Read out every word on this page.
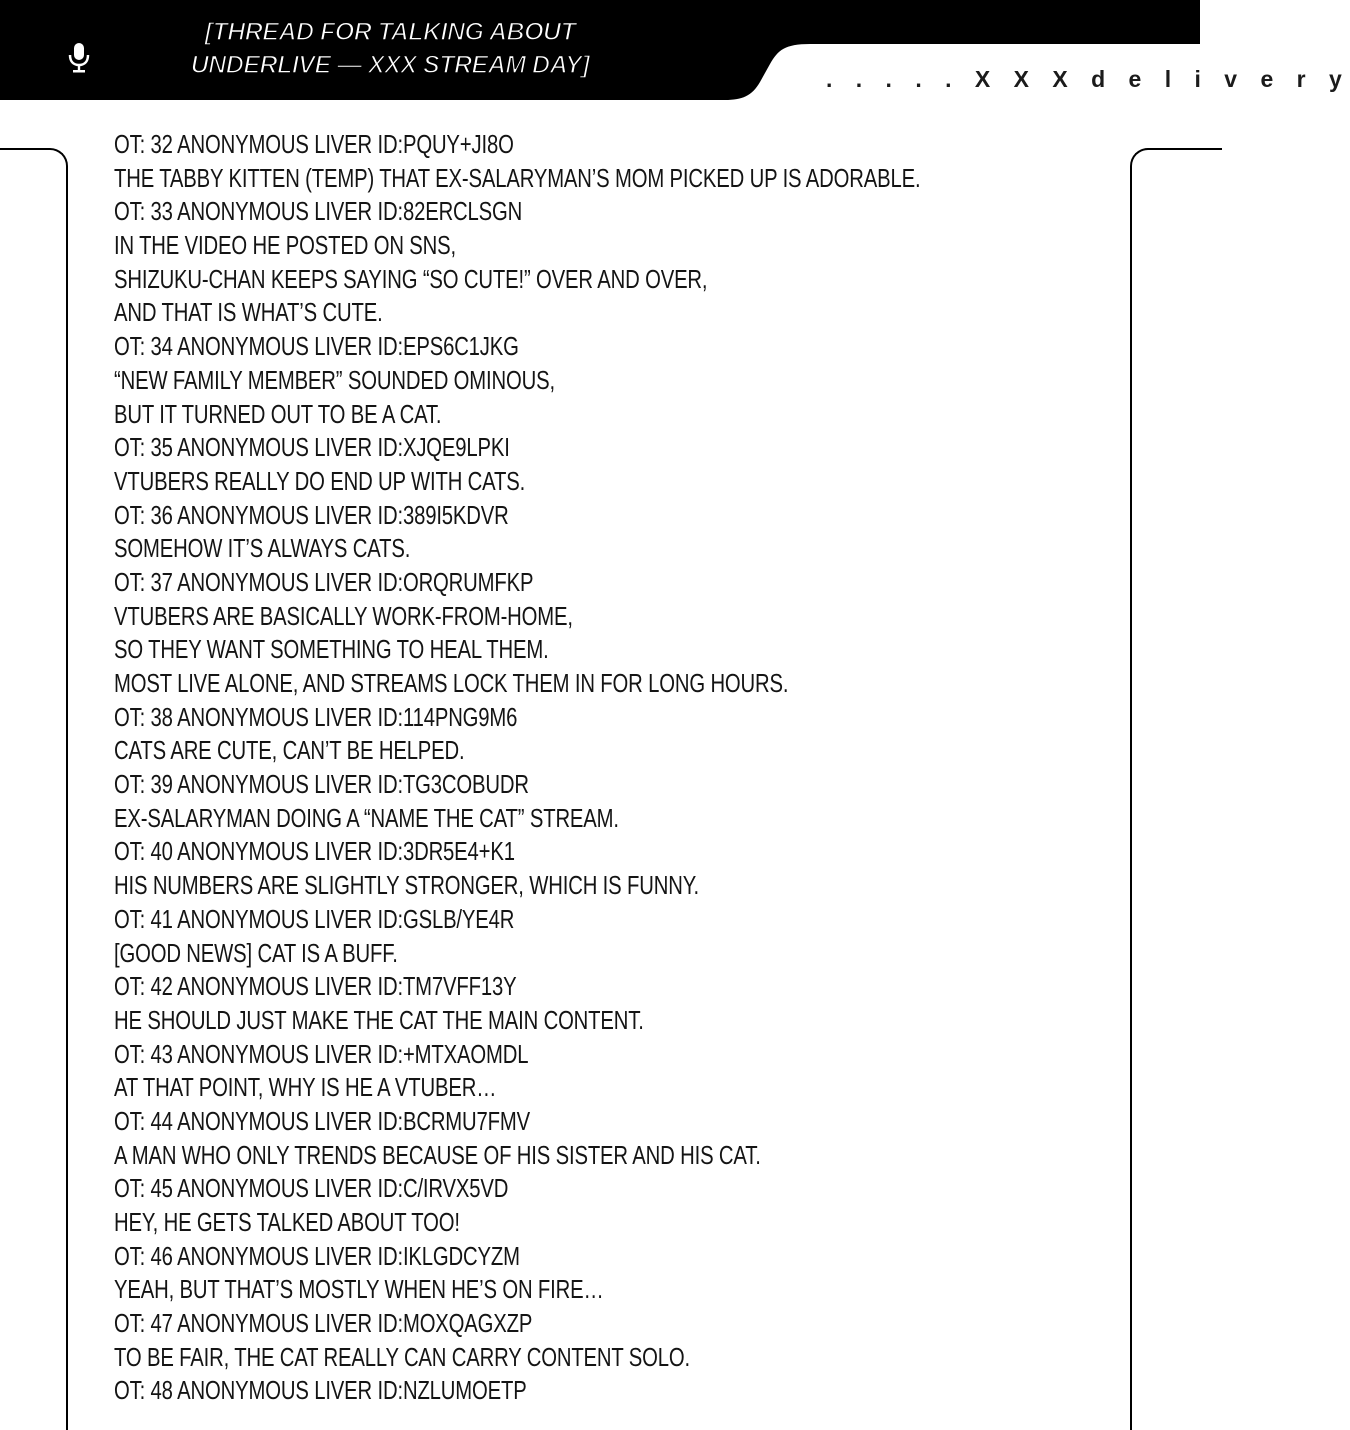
[THREAD FOR TALKING ABOUT
UNDERLIVE — XXX STREAM DAY]	. . . . . X X X d e l i v e r y
OT: 32 ANONYMOUS LIVER ID:PQUY+JI8O
THE TABBY KITTEN (TEMP) THAT EX-SALARYMAN’S MOM PICKED UP IS ADORABLE.
OT: 33 ANONYMOUS LIVER ID:82ERCLSGN
IN THE VIDEO HE POSTED ON SNS,
SHIZUKU-CHAN KEEPS SAYING “SO CUTE!” OVER AND OVER,
AND THAT IS WHAT’S CUTE.
OT: 34 ANONYMOUS LIVER ID:EPS6C1JKG
“NEW FAMILY MEMBER” SOUNDED OMINOUS,
BUT IT TURNED OUT TO BE A CAT.
OT: 35 ANONYMOUS LIVER ID:XJQE9LPKI
VTUBERS REALLY DO END UP WITH CATS.
OT: 36 ANONYMOUS LIVER ID:389I5KDVR
SOMEHOW IT’S ALWAYS CATS.
OT: 37 ANONYMOUS LIVER ID:ORQRUMFKP
VTUBERS ARE BASICALLY WORK-FROM-HOME,
SO THEY WANT SOMETHING TO HEAL THEM.
MOST LIVE ALONE, AND STREAMS LOCK THEM IN FOR LONG HOURS.
OT: 38 ANONYMOUS LIVER ID:114PNG9M6
CATS ARE CUTE, CAN’T BE HELPED.
OT: 39 ANONYMOUS LIVER ID:TG3COBUDR
EX-SALARYMAN DOING A “NAME THE CAT” STREAM.
OT: 40 ANONYMOUS LIVER ID:3DR5E4+K1
HIS NUMBERS ARE SLIGHTLY STRONGER, WHICH IS FUNNY.
OT: 41 ANONYMOUS LIVER ID:GSLB/YE4R
[GOOD NEWS] CAT IS A BUFF.
OT: 42 ANONYMOUS LIVER ID:TM7VFF13Y
HE SHOULD JUST MAKE THE CAT THE MAIN CONTENT.
OT: 43 ANONYMOUS LIVER ID:+MTXAOMDL
AT THAT POINT, WHY IS HE A VTUBER…
OT: 44 ANONYMOUS LIVER ID:BCRMU7FMV
A MAN WHO ONLY TRENDS BECAUSE OF HIS SISTER AND HIS CAT.
OT: 45 ANONYMOUS LIVER ID:C/IRVX5VD
HEY, HE GETS TALKED ABOUT TOO!
OT: 46 ANONYMOUS LIVER ID:IKLGDCYZM
YEAH, BUT THAT’S MOSTLY WHEN HE’S ON FIRE…
OT: 47 ANONYMOUS LIVER ID:MOXQAGXZP
TO BE FAIR, THE CAT REALLY CAN CARRY CONTENT SOLO.
OT: 48 ANONYMOUS LIVER ID:NZLUMOETP
